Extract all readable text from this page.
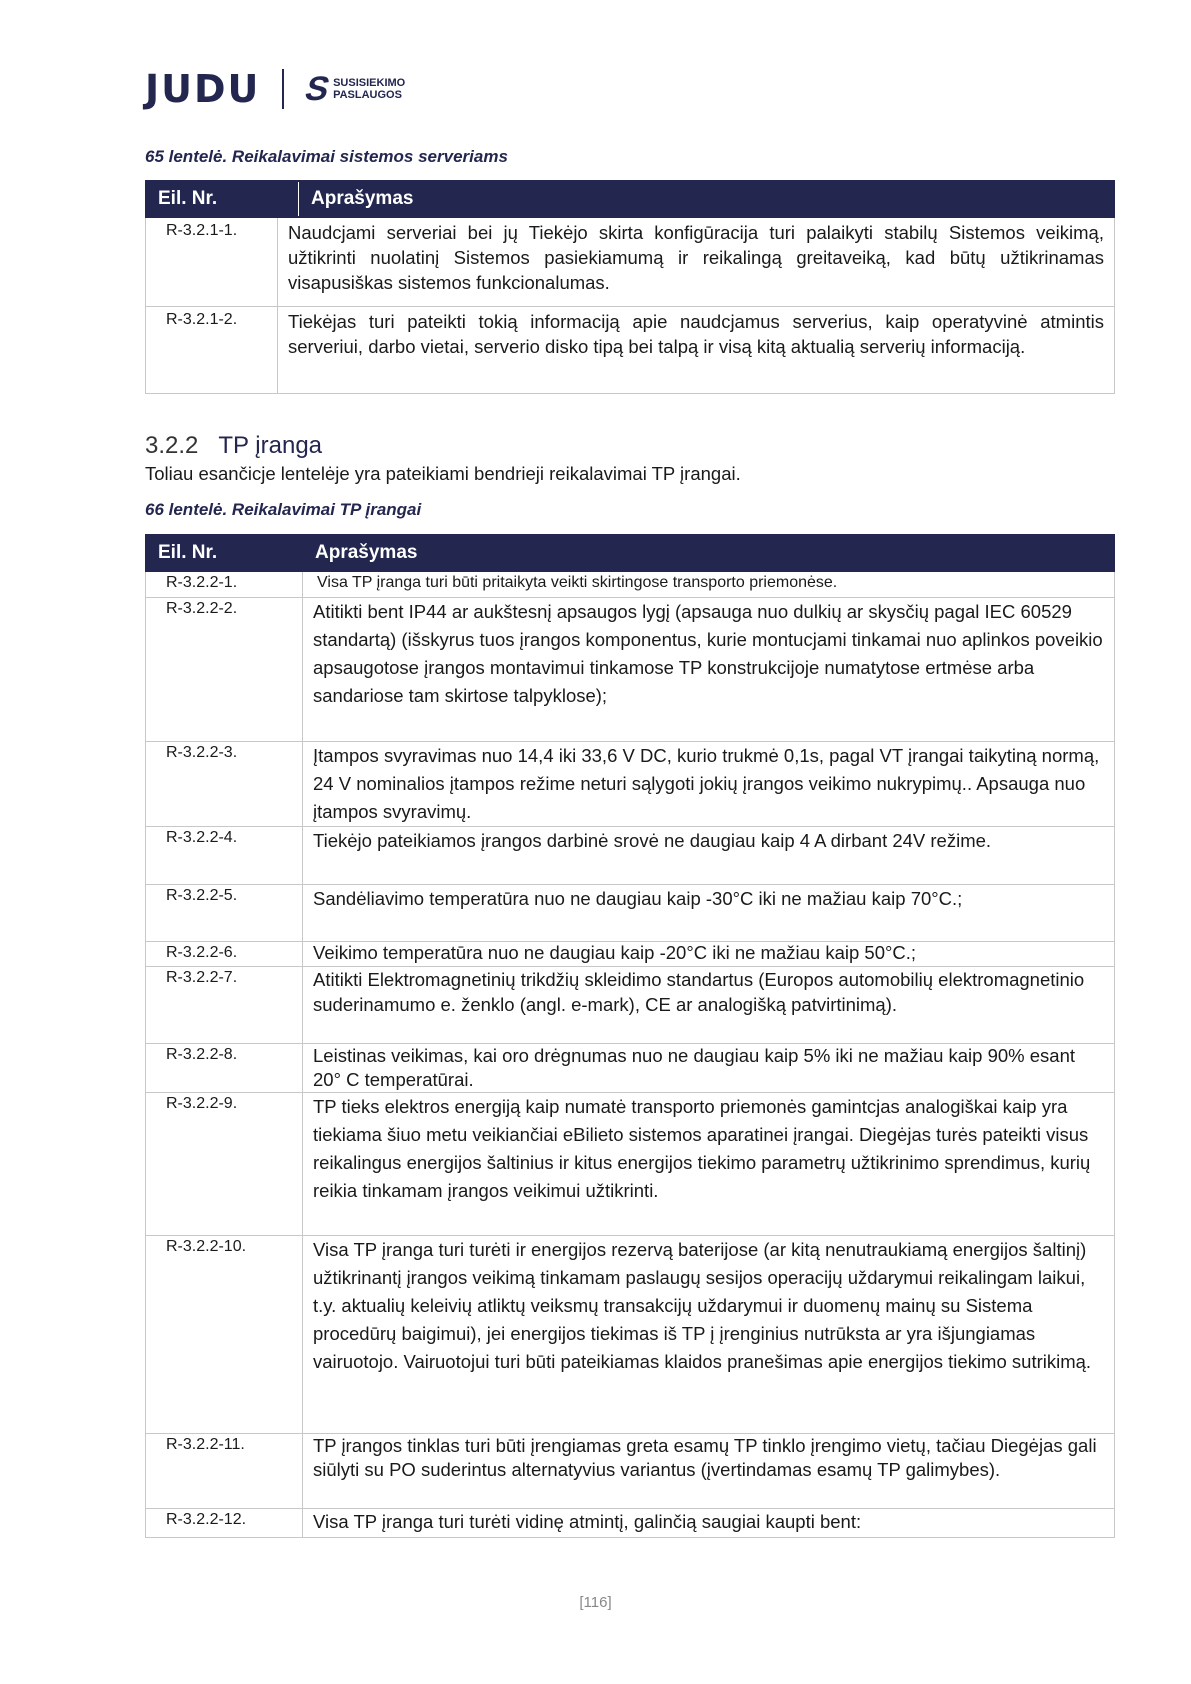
JUDU S
SUSISIEKIMO
PASLAUGOS
65 lentelė. Reikalavimai sistemos serveriams
Eil. Nr. Aprašymas	

R-3.2.1-1.	Naudcjami serveriai bei jų Tiekėjo skirta konfigūracija turi palaikyti stabilų Sistemos veikimą, užtikrinti nuolatinį Sistemos pasiekiamumą ir reikalingą greitaveiką, kad būtų užtikrinamas visapusiškas sistemos funkcionalumas.
R-3.2.1-2.	Tiekėjas turi pateikti tokią informaciją apie naudcjamus serverius, kaip operatyvinė atmintis serveriui, darbo vietai, serverio disko tipą bei talpą ir visą kitą aktualią serverių informaciją.
3.2.2 TP įranga
Toliau esančicje lentelėje yra pateikiami bendrieji reikalavimai TP įrangai.
66 lentelė. Reikalavimai TP įrangai
Eil. Nr.	Aprašymas
R-3.2.2-1.	Visa TP įranga turi būti pritaikyta veikti skirtingose transporto priemonėse.
R-3.2.2-2.	Atitikti bent IP44 ar aukštesnį apsaugos lygį (apsauga nuo dulkių ar skysčių pagal IEC 60529 standartą) (išskyrus tuos įrangos komponentus, kurie montucjami tinkamai nuo aplinkos poveikio apsaugotose įrangos montavimui tinkamose TP konstrukcijoje numatytose ertmėse arba sandariose tam skirtose talpyklose);
R-3.2.2-3.	Įtampos svyravimas nuo 14,4 iki 33,6 V DC, kurio trukmė 0,1s, pagal VT įrangai taikytiną normą, 24 V nominalios įtampos režime neturi sąlygoti jokių įrangos veikimo nukrypimų.. Apsauga nuo įtampos svyravimų.
R-3.2.2-4.	Tiekėjo pateikiamos įrangos darbinė srovė ne daugiau kaip 4 A dirbant 24V režime.
R-3.2.2-5.	Sandėliavimo temperatūra nuo ne daugiau kaip -30°C iki ne mažiau kaip 70°C.;
R-3.2.2-6.	Veikimo temperatūra nuo ne daugiau kaip -20°C iki ne mažiau kaip 50°C.;
R-3.2.2-7.	Atitikti Elektromagnetinių trikdžių skleidimo standartus (Europos automobilių elektromagnetinio suderinamumo e. ženklo (angl. e-mark), CE ar analogišką patvirtinimą).
R-3.2.2-8.	Leistinas veikimas, kai oro drėgnumas nuo ne daugiau kaip 5% iki ne mažiau kaip 90% esant 20° C temperatūrai.
R-3.2.2-9.	TP tieks elektros energiją kaip numatė transporto priemonės gamintcjas analogiškai kaip yra tiekiama šiuo metu veikiančiai eBilieto sistemos aparatinei įrangai. Diegėjas turės pateikti visus reikalingus energijos šaltinius ir kitus energijos tiekimo parametrų užtikrinimo sprendimus, kurių reikia tinkamam įrangos veikimui užtikrinti.
R-3.2.2-10.	Visa TP įranga turi turėti ir energijos rezervą baterijose (ar kitą nenutraukiamą energijos šaltinį) užtikrinantį įrangos veikimą tinkamam paslaugų sesijos operacijų uždarymui reikalingam laikui, t.y. aktualių keleivių atliktų veiksmų transakcijų uždarymui ir duomenų mainų su Sistema procedūrų baigimui), jei energijos tiekimas iš TP į įrenginius nutrūksta ar yra išjungiamas vairuotojo. Vairuotojui turi būti pateikiamas klaidos pranešimas apie energijos tiekimo sutrikimą.
R-3.2.2-11.	TP įrangos tinklas turi būti įrengiamas greta esamų TP tinklo įrengimo vietų, tačiau Diegėjas gali siūlyti su PO suderintus alternatyvius variantus (įvertindamas esamų TP galimybes).
R-3.2.2-12.	Visa TP įranga turi turėti vidinę atmintį, galinčią saugiai kaupti bent:
[116]
